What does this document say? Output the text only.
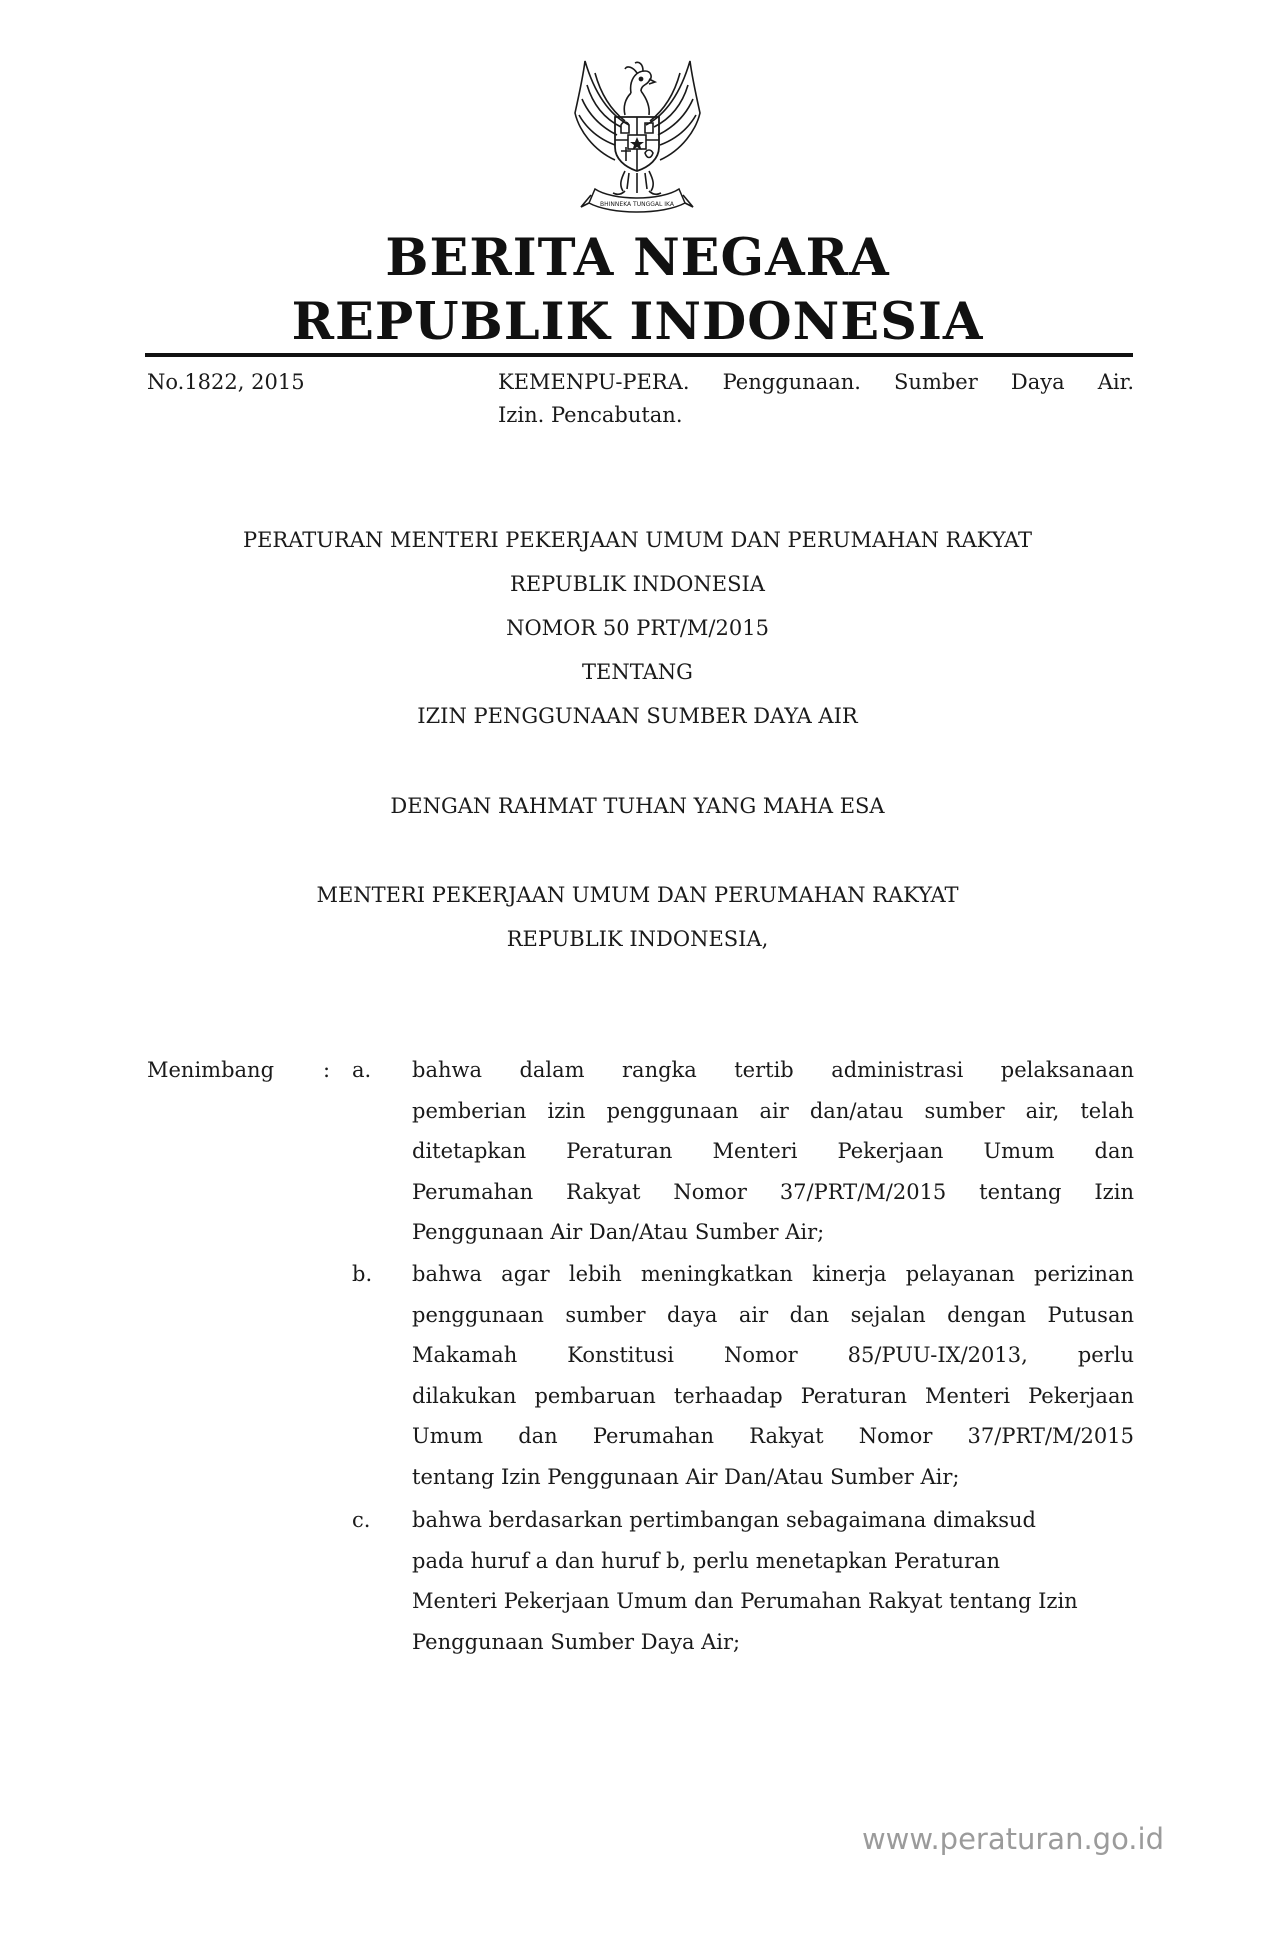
BHINNEKA TUNGGAL IKA
BERITA NEGARA
REPUBLIK INDONESIA
No.1822, 2015	KEMENPU-PERA. Penggunaan. Sumber Daya Air.
Izin. Pencabutan.
PERATURAN MENTERI PEKERJAAN UMUM DAN PERUMAHAN RAKYAT
REPUBLIK INDONESIA
NOMOR 50 PRT/M/2015
TENTANG
IZIN PENGGUNAAN SUMBER DAYA AIR
DENGAN RAHMAT TUHAN YANG MAHA ESA
MENTERI PEKERJAAN UMUM DAN PERUMAHAN RAKYAT
REPUBLIK INDONESIA,
Menimbang : a.	bahwa dalam rangka tertib administrasi pelaksanaan
pemberian izin penggunaan air dan/atau sumber air, telah
ditetapkan Peraturan Menteri Pekerjaan Umum dan
Perumahan Rakyat Nomor 37/PRT/M/2015 tentang Izin
Penggunaan Air Dan/Atau Sumber Air;
b.	bahwa agar lebih meningkatkan kinerja pelayanan perizinan
penggunaan sumber daya air dan sejalan dengan Putusan
Makamah Konstitusi Nomor 85/PUU-IX/2013, perlu
dilakukan pembaruan terhaadap Peraturan Menteri Pekerjaan
Umum dan Perumahan Rakyat Nomor 37/PRT/M/2015
tentang Izin Penggunaan Air Dan/Atau Sumber Air;
c.	bahwa berdasarkan pertimbangan sebagaimana dimaksud
pada huruf a dan huruf b, perlu menetapkan Peraturan
Menteri Pekerjaan Umum dan Perumahan Rakyat tentang Izin
Penggunaan Sumber Daya Air;
www.peraturan.go.id
